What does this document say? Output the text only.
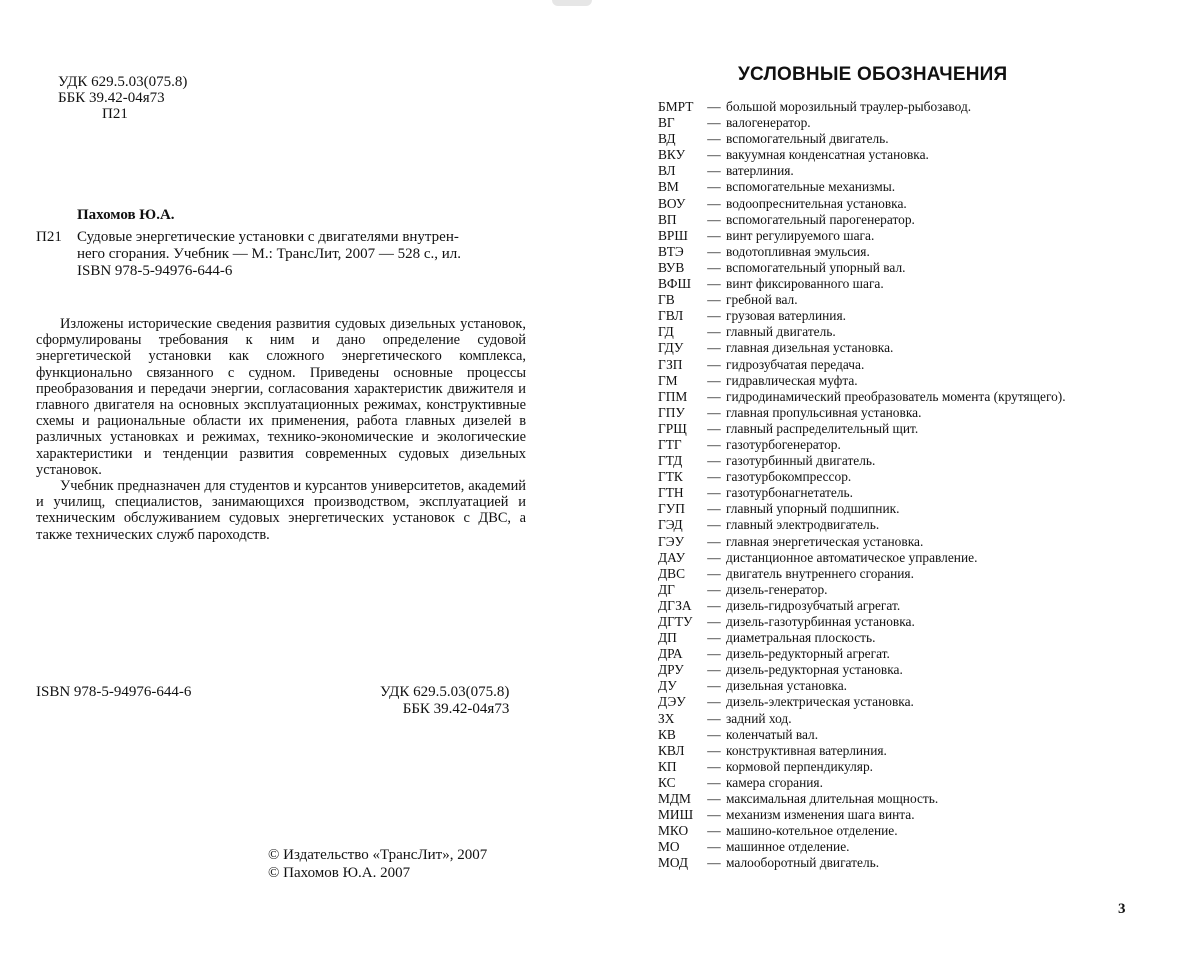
УДК 629.5.03(075.8)
ББК 39.42-04я73
П21
Пахомов Ю.А.
П21	Судовые энергетические установки с двигателями внутрен-
него сгорания. Учебник — М.: ТрансЛит, 2007 — 528 с., ил.
ISBN 978-5-94976-644-6

Изложены исторические сведения развития судовых дизельных установок, сформулированы требования к ним и дано определение судовой энергетической установки как сложного энергетического комплекса, функционально связанного с судном. Приведены основные процессы преобразования и передачи энергии, согласования характеристик движителя и главного двигателя на основных эксплуатационных режимах, конструктивные схемы и рациональные области их применения, работа главных дизелей в различных установках и режимах, технико-экономические и экологические характеристики и тенденции развития современных судовых дизельных установок.

Учебник предназначен для студентов и курсантов университетов, академий и училищ, специалистов, занимающихся производством, эксплуатацией и техническим обслуживанием судовых энергетических установок с ДВС, а также технических служб пароходств.

ISBN 978-5-94976-644-6	УДК 629.5.03(075.8)
ББК 39.42-04я73
© Издательство «ТрансЛит», 2007
© Пахомов Ю.А. 2007
УСЛОВНЫЕ ОБОЗНАЧЕНИЯ
БМРТ	— большой морозильный траулер-рыбозавод.
ВГ	— валогенератор.
ВД	— вспомогательный двигатель.
ВКУ	— вакуумная конденсатная установка.
ВЛ	— ватерлиния.
ВМ	— вспомогательные механизмы.
ВОУ	— водоопреснительная установка.
ВП	— вспомогательный парогенератор.
ВРШ	— винт регулируемого шага.
ВТЭ	— водотопливная эмульсия.
ВУВ	— вспомогательный упорный вал.
ВФШ	— винт фиксированного шага.
ГВ	— гребной вал.
ГВЛ	— грузовая ватерлиния.
ГД	— главный двигатель.
ГДУ	— главная дизельная установка.
ГЗП	— гидрозубчатая передача.
ГМ	— гидравлическая муфта.
ГПМ	— гидродинамический преобразователь момента (крутящего).
ГПУ	— главная пропульсивная установка.
ГРЩ	— главный распределительный щит.
ГТГ	— газотурбогенератор.
ГТД	— газотурбинный двигатель.
ГТК	— газотурбокомпрессор.
ГТН	— газотурбонагнетатель.
ГУП	— главный упорный подшипник.
ГЭД	— главный электродвигатель.
ГЭУ	— главная энергетическая установка.
ДАУ	— дистанционное автоматическое управление.
ДВС	— двигатель внутреннего сгорания.
ДГ	— дизель-генератор.
ДГЗА	— дизель-гидрозубчатый агрегат.
ДГТУ	— дизель-газотурбинная установка.
ДП	— диаметральная плоскость.
ДРА	— дизель-редукторный агрегат.
ДРУ	— дизель-редукторная установка.
ДУ	— дизельная установка.
ДЭУ	— дизель-электрическая установка.
ЗХ	— задний ход.
КВ	— коленчатый вал.
КВЛ	— конструктивная ватерлиния.
КП	— кормовой перпендикуляр.
КС	— камера сгорания.
МДМ	— максимальная длительная мощность.
МИШ	— механизм изменения шага винта.
МКО	— машино-котельное отделение.
МО	— машинное отделение.
МОД	— малооборотный двигатель.
3
